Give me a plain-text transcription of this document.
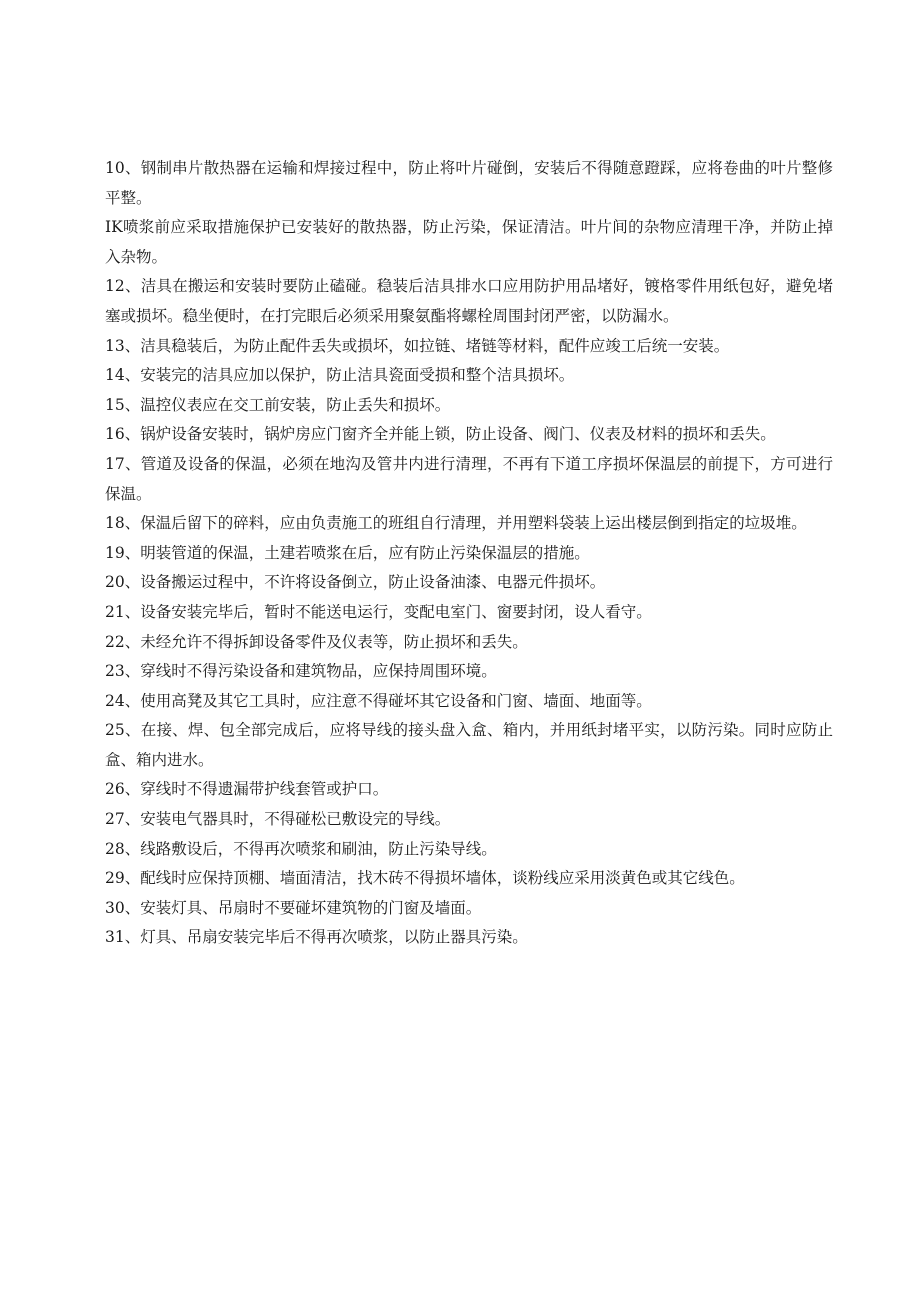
10、钢制串片散热器在运输和焊接过程中，防止将叶片碰倒，安装后不得随意蹬踩，应将卷曲的叶片整修平整。

IK喷浆前应采取措施保护已安装好的散热器，防止污染，保证清洁。叶片间的杂物应清理干净，并防止掉入杂物。

12、洁具在搬运和安装时要防止磕碰。稳装后洁具排水口应用防护用品堵好，镀格零件用纸包好，避免堵塞或损坏。稳坐便时，在打完眼后必须采用聚氨酯将螺栓周围封闭严密，以防漏水。

13、洁具稳装后，为防止配件丢失或损坏，如拉链、堵链等材料，配件应竣工后统一安装。

14、安装完的洁具应加以保护，防止洁具瓷面受损和整个洁具损坏。

15、温控仪表应在交工前安装，防止丢失和损坏。

16、锅炉设备安装时，锅炉房应门窗齐全并能上锁，防止设备、阀门、仪表及材料的损坏和丢失。

17、管道及设备的保温，必须在地沟及管井内进行清理，不再有下道工序损坏保温层的前提下，方可进行保温。

18、保温后留下的碎料，应由负责施工的班组自行清理，并用塑料袋装上运出楼层倒到指定的垃圾堆。

19、明装管道的保温，土建若喷浆在后，应有防止污染保温层的措施。

20、设备搬运过程中，不许将设备倒立，防止设备油漆、电器元件损坏。

21、设备安装完毕后，暂时不能送电运行，变配电室门、窗要封闭，设人看守。

22、未经允许不得拆卸设备零件及仪表等，防止损坏和丢失。

23、穿线时不得污染设备和建筑物品，应保持周围环境。

24、使用高凳及其它工具时，应注意不得碰坏其它设备和门窗、墙面、地面等。

25、在接、焊、包全部完成后，应将导线的接头盘入盒、箱内，并用纸封堵平实，以防污染。同时应防止盒、箱内进水。

26、穿线时不得遗漏带护线套管或护口。

27、安装电气器具时，不得碰松已敷设完的导线。

28、线路敷设后，不得再次喷浆和刷油，防止污染导线。

29、配线时应保持顶棚、墙面清洁，找木砖不得损坏墙体，谈粉线应采用淡黄色或其它线色。

30、安装灯具、吊扇时不要碰坏建筑物的门窗及墙面。

31、灯具、吊扇安装完毕后不得再次喷浆，以防止器具污染。
